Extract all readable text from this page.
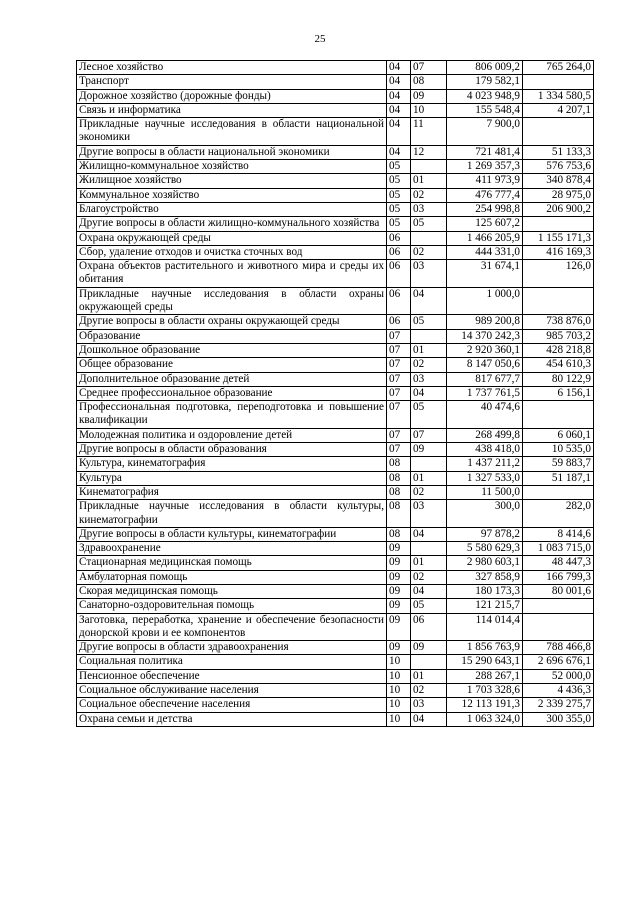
25
Лесное хозяйство	04	07	806 009,2	765 264,0
Транспорт	04	08	179 582,1	
Дорожное хозяйство (дорожные фонды)	04	09	4 023 948,9	1 334 580,5
Связь и информатика	04	10	155 548,4	4 207,1
Прикладные научные исследования в области национальной экономики	04	11	7 900,0	
Другие вопросы в области национальной экономики	04	12	721 481,4	51 133,3
Жилищно-коммунальное хозяйство	05		1 269 357,3	576 753,6
Жилищное хозяйство	05	01	411 973,9	340 878,4
Коммунальное хозяйство	05	02	476 777,4	28 975,0
Благоустройство	05	03	254 998,8	206 900,2
Другие вопросы в области жилищно-коммунального хозяйства	05	05	125 607,2	
Охрана окружающей среды	06		1 466 205,9	1 155 171,3
Сбор, удаление отходов и очистка сточных вод	06	02	444 331,0	416 169,3
Охрана объектов растительного и животного мира и среды их обитания	06	03	31 674,1	126,0
Прикладные научные исследования в области охраны окружающей среды	06	04	1 000,0	
Другие вопросы в области охраны окружающей среды	06	05	989 200,8	738 876,0
Образование	07		14 370 242,3	985 703,2
Дошкольное образование	07	01	2 920 360,1	428 218,8
Общее образование	07	02	8 147 050,6	454 610,3
Дополнительное образование детей	07	03	817 677,7	80 122,9
Среднее профессиональное образование	07	04	1 737 761,5	6 156,1
Профессиональная подготовка, переподготовка и повышение квалификации	07	05	40 474,6	
Молодежная политика и оздоровление детей	07	07	268 499,8	6 060,1
Другие вопросы в области образования	07	09	438 418,0	10 535,0
Культура, кинематография	08		1 437 211,2	59 883,7
Культура	08	01	1 327 533,0	51 187,1
Кинематография	08	02	11 500,0	
Прикладные научные исследования в области культуры, кинематографии	08	03	300,0	282,0
Другие вопросы в области культуры, кинематографии	08	04	97 878,2	8 414,6
Здравоохранение	09		5 580 629,3	1 083 715,0
Стационарная медицинская помощь	09	01	2 980 603,1	48 447,3
Амбулаторная помощь	09	02	327 858,9	166 799,3
Скорая медицинская помощь	09	04	180 173,3	80 001,6
Санаторно-оздоровительная помощь	09	05	121 215,7	
Заготовка, переработка, хранение и обеспечение безопасности донорской крови и ее компонентов	09	06	114 014,4	
Другие вопросы в области здравоохранения	09	09	1 856 763,9	788 466,8
Социальная политика	10		15 290 643,1	2 696 676,1
Пенсионное обеспечение	10	01	288 267,1	52 000,0
Социальное обслуживание населения	10	02	1 703 328,6	4 436,3
Социальное обеспечение населения	10	03	12 113 191,3	2 339 275,7
Охрана семьи и детства	10	04	1 063 324,0	300 355,0
